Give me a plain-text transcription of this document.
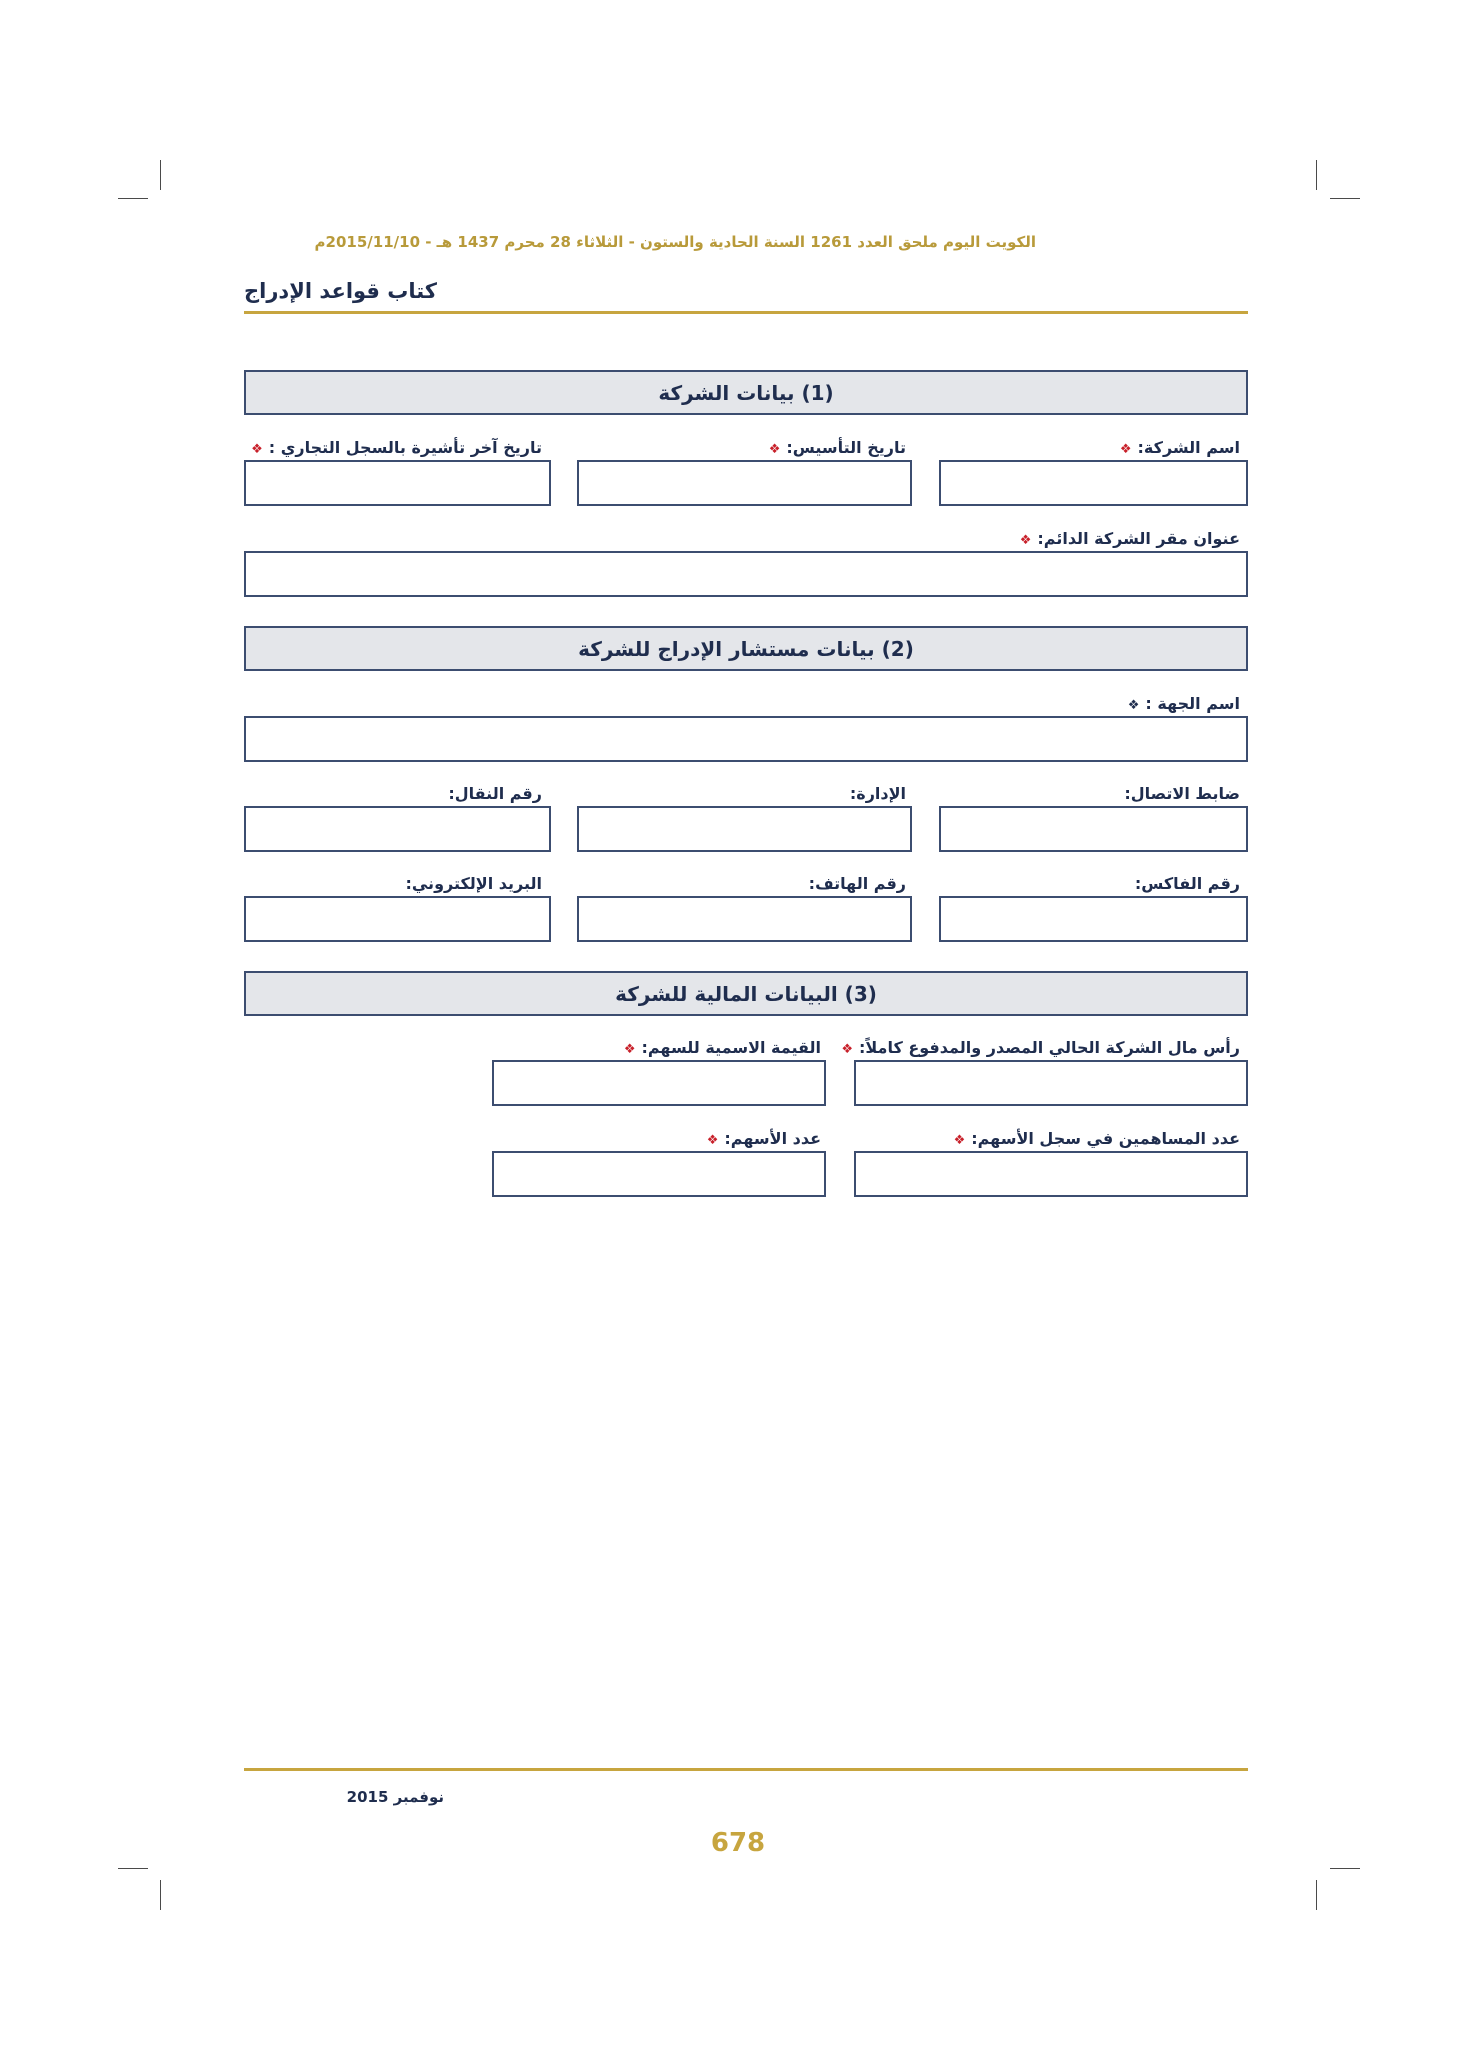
الكويت اليوم ملحق العدد 1261 السنة الحادية والستون - الثلاثاء 28 محرم 1437 هـ - 2015/11/10م
كتاب قواعد الإدراج
(1) بيانات الشركة
اسم الشركة:❖
تاريخ التأسيس:❖
تاريخ آخر تأشيرة بالسجل التجاري :❖
عنوان مقر الشركة الدائم:❖
(2) بيانات مستشار الإدراج للشركة
اسم الجهة :❖
ضابط الاتصال:
الإدارة:
رقم النقال:
رقم الفاكس:
رقم الهاتف:
البريد الإلكتروني:
(3) البيانات المالية للشركة
رأس مال الشركة الحالي المصدر والمدفوع كاملاً:❖
القيمة الاسمية للسهم:❖
عدد المساهمين في سجل الأسهم:❖
عدد الأسهم:❖
نوفمبر 2015
678
